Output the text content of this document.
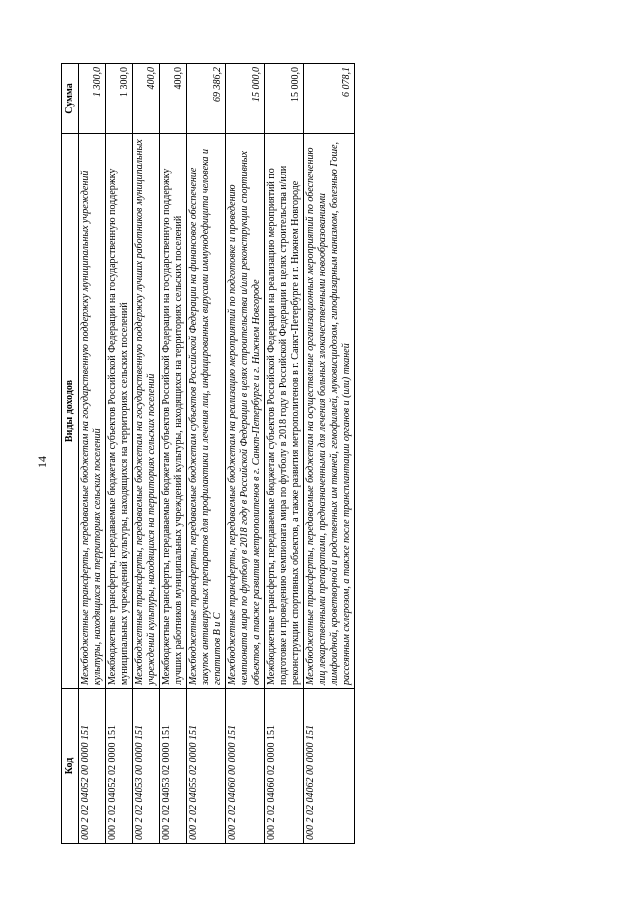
14
Код	Виды доходов	Сумма
000 2 02 04052 00 0000 151	Межбюджетные трансферты, передаваемые бюджетам на государственную поддержку муниципальных учреждений культуры, находящихся на территориях сельских поселений	1 300,0
000 2 02 04052 02 0000 151	Межбюджетные трансферты, передаваемые бюджетам субъектов Российской Федерации на государственную поддержку муниципальных учреждений культуры, находящихся на территориях сельских поселений	1 300,0
000 2 02 04053 00 0000 151	Межбюджетные трансферты, передаваемые бюджетам на государственную поддержку лучших работников муниципальных учреждений культуры, находящихся на территориях сельских поселений	400,0
000 2 02 04053 02 0000 151	Межбюджетные трансферты, передаваемые бюджетам субъектов Российской Федерации на государственную поддержку лучших работников муниципальных учреждений культуры, находящихся на территориях сельских поселений	400,0
000 2 02 04055 02 0000 151	Межбюджетные трансферты, передаваемые бюджетам субъектов Российской Федерации на финансовое обеспечение закупок антивирусных препаратов для профилактики и лечения лиц, инфицированных вирусами иммунодефицита человека и гепатитов B и C	69 386,2
000 2 02 04060 00 0000 151	Межбюджетные трансферты, передаваемые бюджетам на реализацию мероприятий по подготовке и проведению чемпионата мира по футболу в 2018 году в Российской Федерации в целях строительства и/или реконструкции спортивных объектов, а также развития метрополитенов в г. Санкт-Петербурге и г. Нижнем Новгороде	15 000,0
000 2 02 04060 02 0000 151	Межбюджетные трансферты, передаваемые бюджетам субъектов Российской Федерации на реализацию мероприятий по подготовке и проведению чемпионата мира по футболу в 2018 году в Российской Федерации в целях строительства и/или реконструкции спортивных объектов, а также развития метрополитенов в г. Санкт-Петербурге и г. Нижнем Новгороде	15 000,0
000 2 02 04062 00 0000 151	Межбюджетные трансферты, передаваемые бюджетам на осуществление организационных мероприятий по обеспечению лиц лекарственными препаратами, предназначенными для лечения больных злокачественными новообразованиями лимфоидной, кроветворной и родственных им тканей, гемофилией, муковисцидозом, гипофизарным нанизмом, болезнью Гоше, рассеянным склерозом, а также после трансплантации органов и (или) тканей	6 078,1
